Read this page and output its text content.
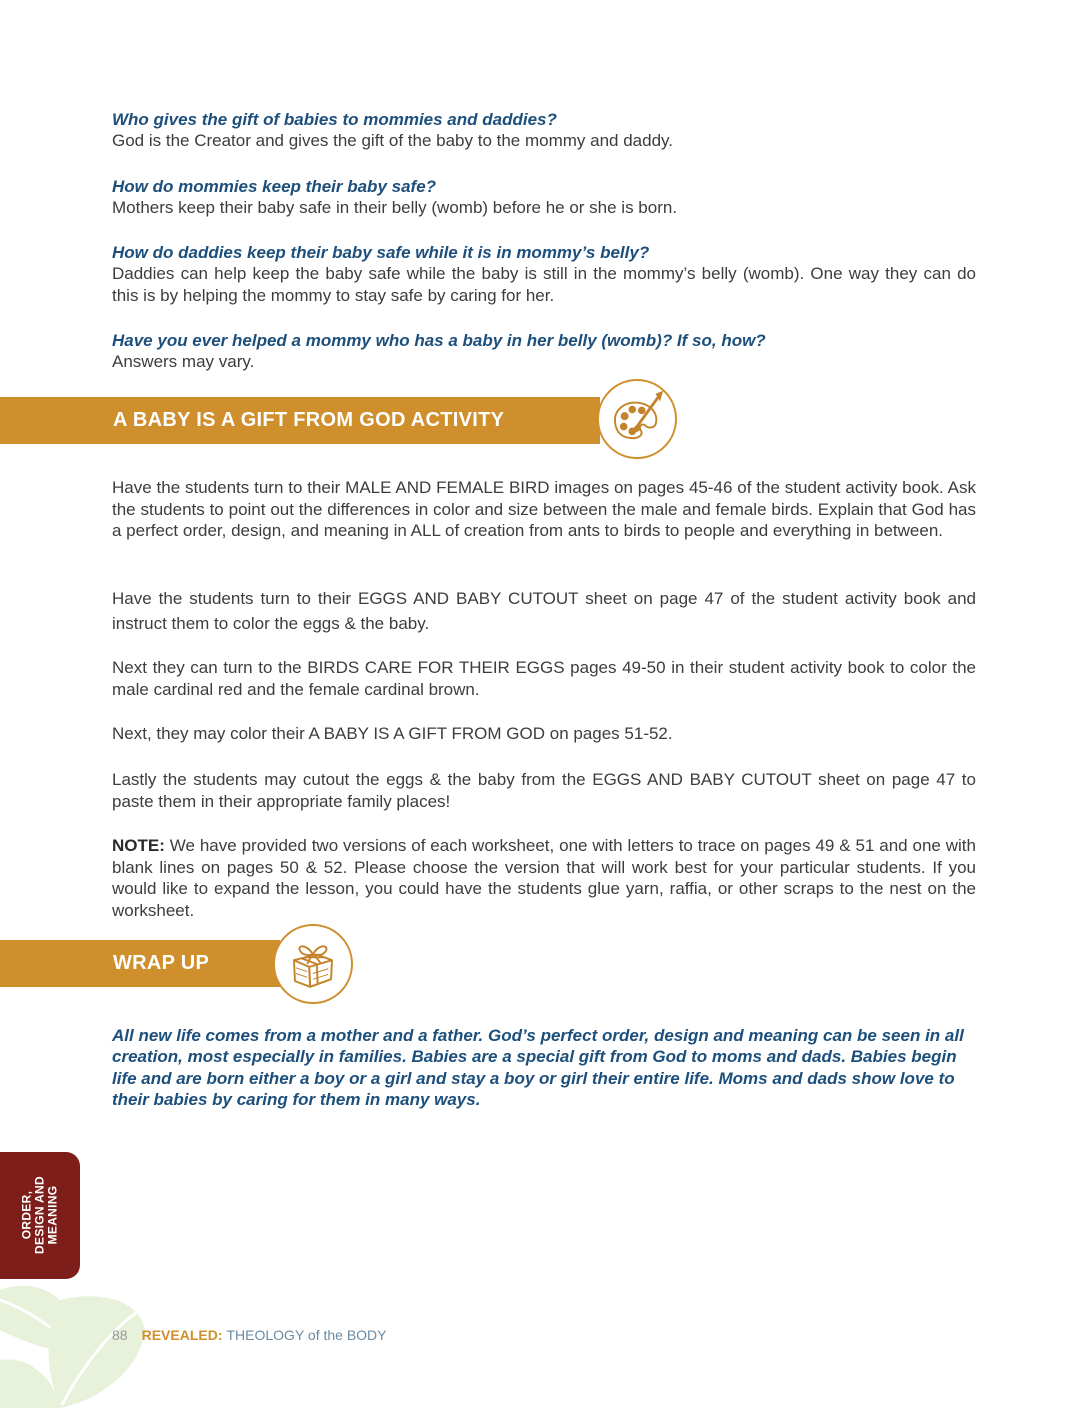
Who gives the gift of babies to mommies and daddies?

God is the Creator and gives the gift of the baby to the mommy and daddy.

How do mommies keep their baby safe?

Mothers keep their baby safe in their belly (womb) before he or she is born.

How do daddies keep their baby safe while it is in mommy’s belly?

Daddies can help keep the baby safe while the baby is still in the mommy’s belly (womb). One way they can do this is by helping the mommy to stay safe by caring for her.

Have you ever helped a mommy who has a baby in her belly (womb)? If so, how?

Answers may vary.

A BABY IS A GIFT FROM GOD ACTIVITY

Have the students turn to their MALE AND FEMALE BIRD images on pages 45-46 of the student activity book. Ask the students to point out the differences in color and size between the male and female birds. Explain that God has a perfect order, design, and meaning in ALL of creation from ants to birds to people and everything in between.

Have the students turn to their EGGS AND BABY CUTOUT sheet on page 47 of the student activity book and instruct them to color the eggs & the baby.

Next they can turn to the BIRDS CARE FOR THEIR EGGS pages 49-50 in their student activity book to color the male cardinal red and the female cardinal brown.

Next, they may color their A BABY IS A GIFT FROM GOD on pages 51-52.

Lastly the students may cutout the eggs & the baby from the EGGS AND BABY CUTOUT sheet on page 47 to paste them in their appropriate family places!

NOTE: We have provided two versions of each worksheet, one with letters to trace on pages 49 & 51 and one with blank lines on pages 50 & 52. Please choose the version that will work best for your particular students. If you would like to expand the lesson, you could have the students glue yarn, raffia, or other scraps to the nest on the worksheet.

WRAP UP

All new life comes from a mother and a father. God’s perfect order, design and meaning can be seen in all creation, most especially in families. Babies are a special gift from God to moms and dads. Babies begin life and are born either a boy or a girl and stay a boy or girl their entire life. Moms and dads show love to their babies by caring for them in many ways.

ORDER, DESIGN AND MEANING
88 REVEALED: THEOLOGY of the BODY
